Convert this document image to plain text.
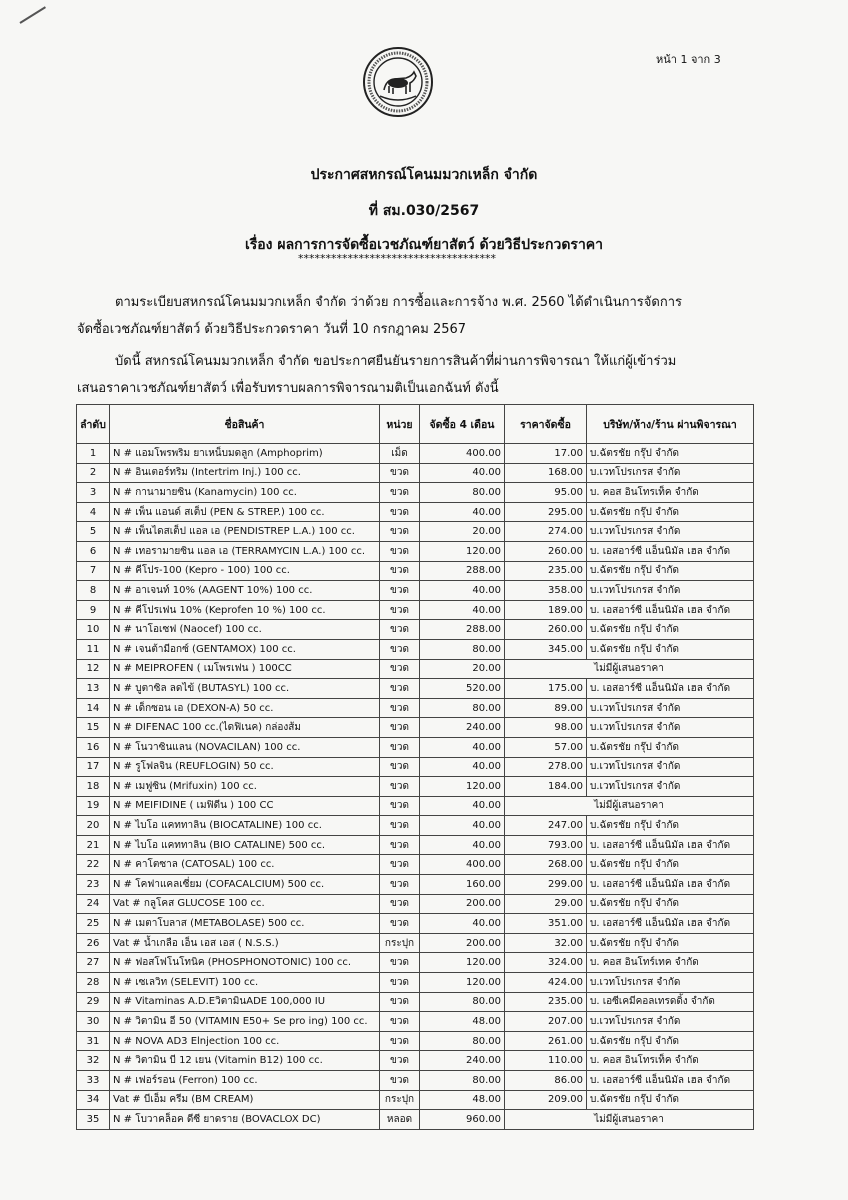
หน้า 1 จาก 3
ประกาศสหกรณ์โคนมมวกเหล็ก จำกัด
ที่ สม.030/2567
เรื่อง ผลการการจัดซื้อเวชภัณฑ์ยาสัตว์ ด้วยวิธีประกวดราคา
************************************
ตามระเบียบสหกรณ์โคนมมวกเหล็ก จำกัด ว่าด้วย การซื้อและการจ้าง พ.ศ. 2560 ได้ดำเนินการจัดการ
จัดซื้อเวชภัณฑ์ยาสัตว์ ด้วยวิธีประกวดราคา วันที่ 10 กรกฎาคม 2567
บัดนี้ สหกรณ์โคนมมวกเหล็ก จำกัด ขอประกาศยืนยันรายการสินค้าที่ผ่านการพิจารณา ให้แก่ผู้เข้าร่วม
เสนอราคาเวชภัณฑ์ยาสัตว์ เพื่อรับทราบผลการพิจารณามติเป็นเอกฉันท์ ดังนี้
ลำดับ	ชื่อสินค้า	หน่วย	จัดซื้อ 4 เดือน	ราคาจัดซื้อ	บริษัท/ห้าง/ร้าน ผ่านพิจารณา
1	N # แอมโพรพริม ยาเหน็บมดลูก (Amphoprim)	เม็ด	400.00	17.00	บ.ฉัตรชัย กรุ๊ป จำกัด
2	N # อินเตอร์ทริม (Intertrim Inj.) 100 cc.	ขวด	40.00	168.00	บ.เวทโปรเกรส จำกัด
3	N # กานามายซิน (Kanamycin) 100 cc.	ขวด	80.00	95.00	บ. คอส อินโทรเท็ค จำกัด
4	N # เพ็น แอนด์ สเต็ป (PEN & STREP.) 100 cc.	ขวด	40.00	295.00	บ.ฉัตรชัย กรุ๊ป จำกัด
5	N # เพ็นไดสเต็ป แอล เอ (PENDISTREP L.A.) 100 cc.	ขวด	20.00	274.00	บ.เวทโปรเกรส จำกัด
6	N # เทอรามายซิน แอล เอ (TERRAMYCIN L.A.) 100 cc.	ขวด	120.00	260.00	บ. เอสอาร์ซี แอ็นนิมัล เฮล จำกัด
7	N # คีโปร-100 (Kepro - 100) 100 cc.	ขวด	288.00	235.00	บ.ฉัตรชัย กรุ๊ป จำกัด
8	N # อาเจนท์ 10% (AAGENT 10%) 100 cc.	ขวด	40.00	358.00	บ.เวทโปรเกรส จำกัด
9	N # คีโปรเฟน 10% (Keprofen 10 %) 100 cc.	ขวด	40.00	189.00	บ. เอสอาร์ซี แอ็นนิมัล เฮล จำกัด
10	N # นาโอเซฟ (Naocef) 100 cc.	ขวด	288.00	260.00	บ.ฉัตรชัย กรุ๊ป จำกัด
11	N # เจนต้ามีอกซ์ (GENTAMOX) 100 cc.	ขวด	80.00	345.00	บ.ฉัตรชัย กรุ๊ป จำกัด
12	N # MEIPROFEN ( เมโพรเฟน ) 100CC	ขวด	20.00	ไม่มีผู้เสนอราคา	
13	N # บูตาซิล ลดไข้ (BUTASYL) 100 cc.	ขวด	520.00	175.00	บ. เอสอาร์ซี แอ็นนิมัล เฮล จำกัด
14	N # เด็กซอน เอ (DEXON-A) 50 cc.	ขวด	80.00	89.00	บ.เวทโปรเกรส จำกัด
15	N # DIFENAC 100 cc.(ไดฟิเนค) กล่องส้ม	ขวด	240.00	98.00	บ.เวทโปรเกรส จำกัด
16	N # โนวาซินแลน (NOVACILAN) 100 cc.	ขวด	40.00	57.00	บ.ฉัตรชัย กรุ๊ป จำกัด
17	N # รูโฟลจิน (REUFLOGIN) 50 cc.	ขวด	40.00	278.00	บ.เวทโปรเกรส จำกัด
18	N # เมฟูซิน (Mrifuxin) 100 cc.	ขวด	120.00	184.00	บ.เวทโปรเกรส จำกัด
19	N # MEIFIDINE ( เมฟิดีน ) 100 CC	ขวด	40.00	ไม่มีผู้เสนอราคา	
20	N # ไบโอ แคททาลิน (BIOCATALINE) 100 cc.	ขวด	40.00	247.00	บ.ฉัตรชัย กรุ๊ป จำกัด
21	N # ไบโอ แคททาลิน (BIO CATALINE) 500 cc.	ขวด	40.00	793.00	บ. เอสอาร์ซี แอ็นนิมัล เฮล จำกัด
22	N # คาโตซาล (CATOSAL) 100 cc.	ขวด	400.00	268.00	บ.ฉัตรชัย กรุ๊ป จำกัด
23	N # โคฟาแคลเซี่ยม (COFACALCIUM) 500 cc.	ขวด	160.00	299.00	บ. เอสอาร์ซี แอ็นนิมัล เฮล จำกัด
24	Vat # กลูโคส GLUCOSE 100 cc.	ขวด	200.00	29.00	บ.ฉัตรชัย กรุ๊ป จำกัด
25	N # เมตาโบลาส (METABOLASE) 500 cc.	ขวด	40.00	351.00	บ. เอสอาร์ซี แอ็นนิมัล เฮล จำกัด
26	Vat # น้ำเกลือ เอ็น เอส เอส ( N.S.S.)	กระปุก	200.00	32.00	บ.ฉัตรชัย กรุ๊ป จำกัด
27	N # ฟอสโฟโนโทนิค (PHOSPHONOTONIC) 100 cc.	ขวด	120.00	324.00	บ. คอส อินโทร์เทค จำกัด
28	N # เซเลวิท (SELEVIT) 100 cc.	ขวด	120.00	424.00	บ.เวทโปรเกรส จำกัด
29	N # Vitaminas A.D.EวิตามินADE 100,000 IU	ขวด	80.00	235.00	บ. เอซีเคมีคอลเทรดดิ้ง จำกัด
30	N # วิตามิน อี 50 (VITAMIN E50+ Se pro ing) 100 cc.	ขวด	48.00	207.00	บ.เวทโปรเกรส จำกัด
31	N # NOVA AD3 Elnjection 100 cc.	ขวด	80.00	261.00	บ.ฉัตรชัย กรุ๊ป จำกัด
32	N # วิตามิน บี 12 เยน (Vitamin B12) 100 cc.	ขวด	240.00	110.00	บ. คอส อินโทรเท็ค จำกัด
33	N # เฟอร์รอน (Ferron) 100 cc.	ขวด	80.00	86.00	บ. เอสอาร์ซี แอ็นนิมัล เฮล จำกัด
34	Vat # บีเอ็ม ครีม (BM CREAM)	กระปุก	48.00	209.00	บ.ฉัตรชัย กรุ๊ป จำกัด
35	N # โบวาคล็อค ดีซี ยาดราย (BOVACLOX DC)	หลอด	960.00	ไม่มีผู้เสนอราคา	
